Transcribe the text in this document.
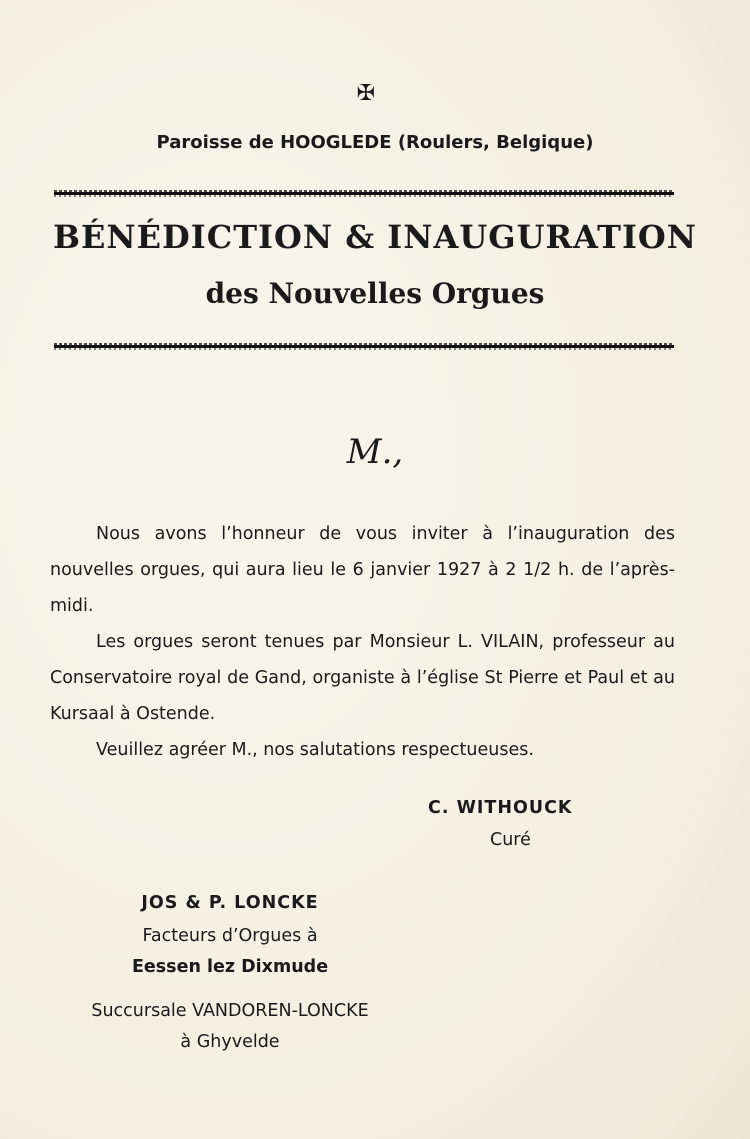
✠
Paroisse de HOOGLEDE (Roulers, Belgique)
BÉNÉDICTION & INAUGURATION
des Nouvelles Orgues
M.,
Nous avons l’honneur de vous inviter à l’inauguration des nouvelles orgues, qui aura lieu le 6 janvier 1927 à 2 1/2 h. de l’après-midi.
Les orgues seront tenues par Monsieur L. VILAIN, professeur au Conservatoire royal de Gand, organiste à l’église St Pierre et Paul et au Kursaal à Ostende.
Veuillez agréer M., nos salutations respectueuses.
C. WITHOUCK
Curé
JOS & P. LONCKE
Facteurs d’Orgues à
Eessen lez Dixmude
Succursale VANDOREN-LONCKE
à Ghyvelde
